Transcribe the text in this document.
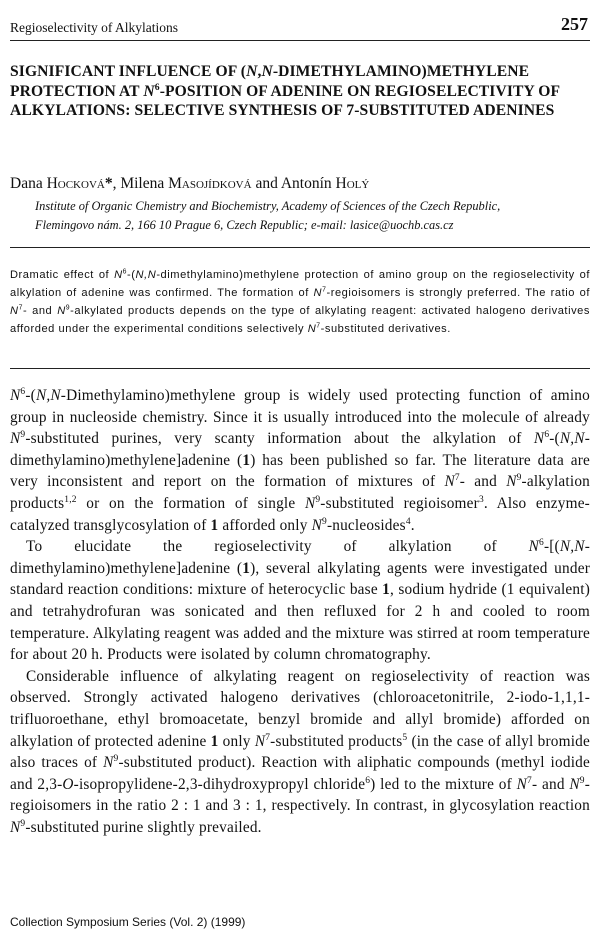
Regioselectivity of Alkylations	257
SIGNIFICANT INFLUENCE OF (N,N-DIMETHYLAMINO)METHYLENE PROTECTION AT $N^6$-POSITION OF ADENINE ON REGIOSELECTIVITY OF ALKYLATIONS: SELECTIVE SYNTHESIS OF 7-SUBSTITUTED ADENINES
Dana Hocková*, Milena Masojídková and Antonín Holý
Institute of Organic Chemistry and Biochemistry, Academy of Sciences of the Czech Republic,
Flemingovo nám. 2, 166 10 Prague 6, Czech Republic; e-mail: lasice@uochb.cas.cz
Dramatic effect of $N^6-(N,N-dimethylamino)methylene$ protection of amino group on the regioselectivity of alkylation of adenine was confirmed. The formation of $N^7$-regioisomers is strongly preferred. The ratio of $N^7-$ and $N^9$-alkylated products depends on the type of alkylating reagent: activated halogeno derivatives afforded under the experimental conditions selectively $N^7$-substituted derivatives.

$N^6-(N,N-Dimethylamino)methylene$ group is widely used protecting function of amino group in nucleoside chemistry. Since it is usually introduced into the molecule of already $N^9$-substituted purines, very scanty information about the alkylation of $N^6-(N,N-dimethylamino)methylene]adenine$ (1) has been published so far. The literature data are very inconsistent and report on the formation of mixtures of $N^7-$ and $N^9$-alkylation products$^{1,2}$ or on the formation of single $N^9$-substituted regioisomer$^3$. Also enzyme-catalyzed transglycosylation of 1 afforded only $N^9-nucleosides^4$.

To elucidate the regioselectivity of alkylation of $N^6-[(N,N-dimethylamino)methylene]adenine$ (1), several alkylating agents were investigated under standard reaction conditions: mixture of heterocyclic base 1, sodium hydride (1 equivalent) and tetrahydrofuran was sonicated and then refluxed for 2 h and cooled to room temperature. Alkylating reagent was added and the mixture was stirred at room temperature for about 20 h. Products were isolated by column chromatography.

Considerable influence of alkylating reagent on regioselectivity of reaction was observed. Strongly activated halogeno derivatives (chloroacetonitrile, 2-iodo-1,1,1-trifluoroethane, ethyl bromoacetate, benzyl bromide and allyl bromide) afforded on alkylation of protected adenine 1 only $N^7$-substituted products$^5$ (in the case of allyl bromide also traces of $N^9$-substituted product). Reaction with aliphatic compounds (methyl iodide and 2,3-O-isopropylidene-2,3-dihydroxypropyl chloride$^6$) led to the mixture of $N^7-$ and $N^9$-regioisomers in the ratio 2 : 1 and 3 : 1, respectively. In contrast, in glycosylation reaction $N^9$-substituted purine slightly prevailed.

Collection Symposium Series (Vol. 2) (1999)
